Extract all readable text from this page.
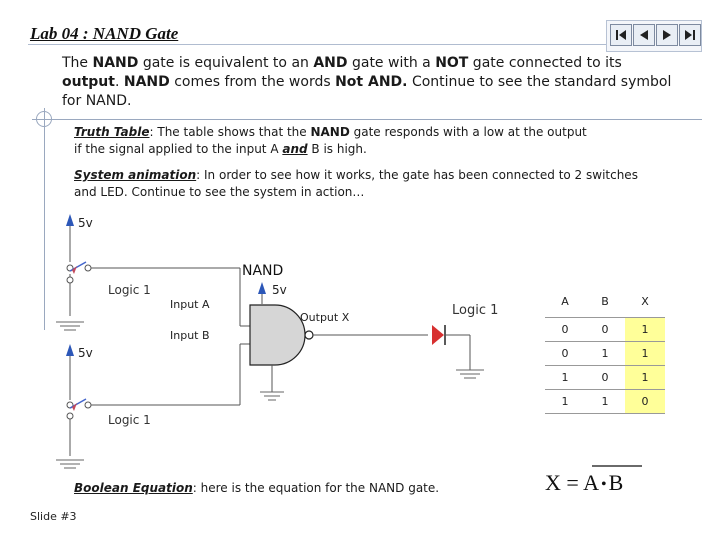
Lab 04 : NAND Gate
The NAND gate is equivalent to an AND gate with a NOT gate connected to its
output. NAND comes from the words Not AND. Continue to see the standard symbol
for NAND.
Truth Table: The table shows that the NAND gate responds with a low at the output
if the signal applied to the input A and B is high.
System animation: In order to see how it works, the gate has been connected to 2 switches
and LED. Continue to see the system in action…
5v
5v
5v
NAND
Logic 1
Logic 1
Logic 1
Input A
Input B
Output X
A	B	X
0	0	1
0	1	1
1	0	1
1	1	0
Boolean Equation: here is the equation for the NAND gate.	X = A •B
Slide #3
